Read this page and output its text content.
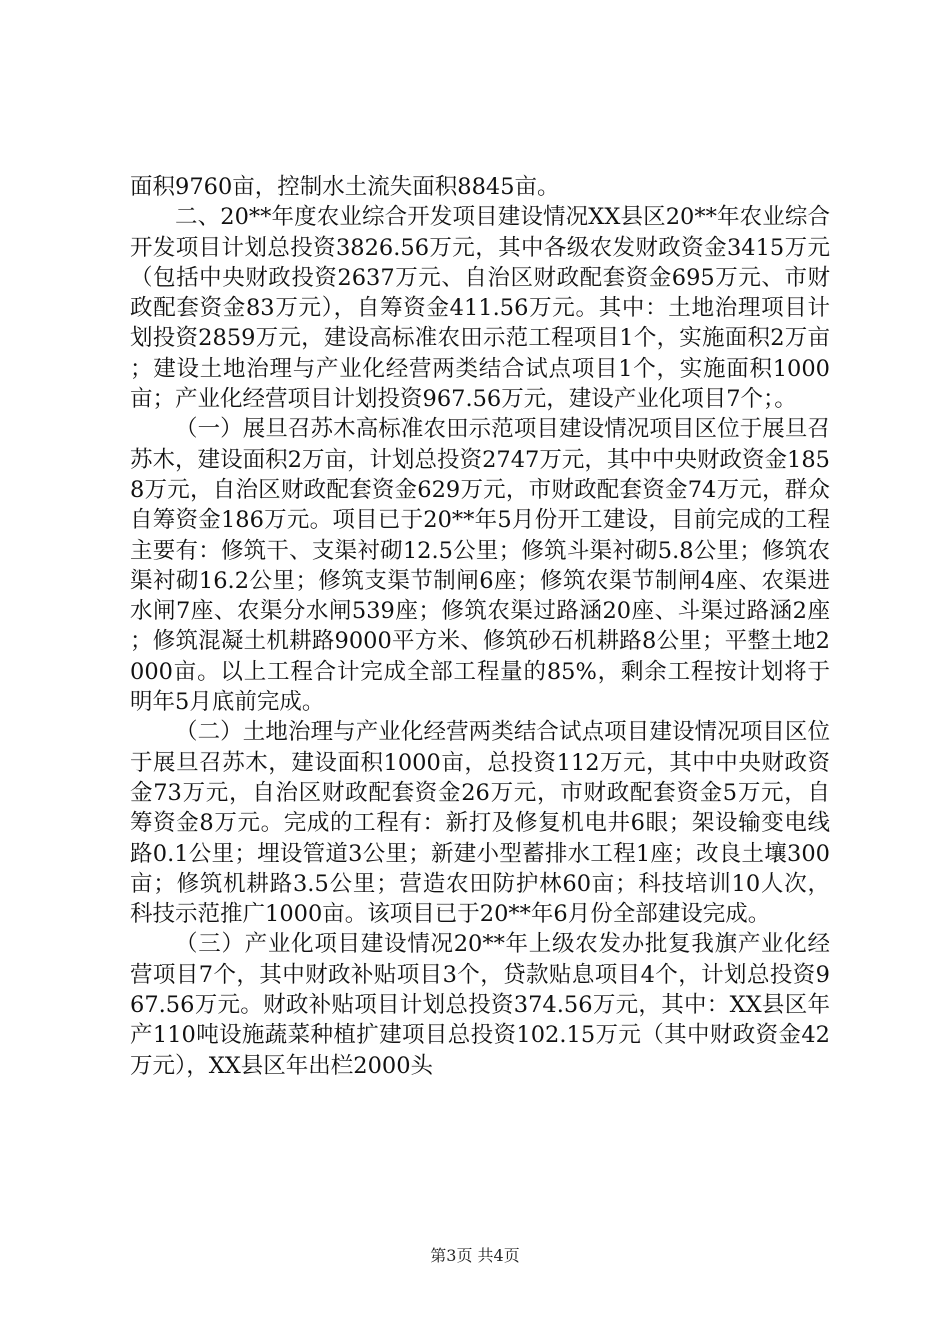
面积9760亩，控制水土流失面积8845亩。

二、20**年度农业综合开发项目建设情况XX县区20**年农业综合开发项目计划总投资3826.56万元，其中各级农发财政资金3415万元（包括中央财政投资2637万元、自治区财政配套资金695万元、市财政配套资金83万元），自筹资金411.56万元。其中：土地治理项目计划投资2859万元，建设高标准农田示范工程项目1个，实施面积2万亩；建设土地治理与产业化经营两类结合试点项目1个，实施面积1000亩；产业化经营项目计划投资967.56万元，建设产业化项目7个；。

（一）展旦召苏木高标准农田示范项目建设情况项目区位于展旦召苏木，建设面积2万亩，计划总投资2747万元，其中中央财政资金1858万元，自治区财政配套资金629万元，市财政配套资金74万元，群众自筹资金186万元。项目已于20**年5月份开工建设，目前完成的工程主要有：修筑干、支渠衬砌12.5公里；修筑斗渠衬砌5.8公里；修筑农渠衬砌16.2公里；修筑支渠节制闸6座；修筑农渠节制闸4座、农渠进水闸7座、农渠分水闸539座；修筑农渠过路涵20座、斗渠过路涵2座；修筑混凝土机耕路9000平方米、修筑砂石机耕路8公里；平整土地2000亩。以上工程合计完成全部工程量的85%，剩余工程按计划将于明年5月底前完成。

（二）土地治理与产业化经营两类结合试点项目建设情况项目区位于展旦召苏木，建设面积1000亩，总投资112万元，其中中央财政资金73万元，自治区财政配套资金26万元，市财政配套资金5万元，自筹资金8万元。完成的工程有：新打及修复机电井6眼；架设输变电线路0.1公里；埋设管道3公里；新建小型蓄排水工程1座；改良土壤300亩；修筑机耕路3.5公里；营造农田防护林60亩；科技培训10人次，科技示范推广1000亩。该项目已于20**年6月份全部建设完成。

（三）产业化项目建设情况20**年上级农发办批复我旗产业化经营项目7个，其中财政补贴项目3个，贷款贴息项目4个，计划总投资967.56万元。财政补贴项目计划总投资374.56万元，其中：XX县区年产110吨设施蔬菜种植扩建项目总投资102.15万元（其中财政资金42万元），XX县区年出栏2000头

第3页 共4页
